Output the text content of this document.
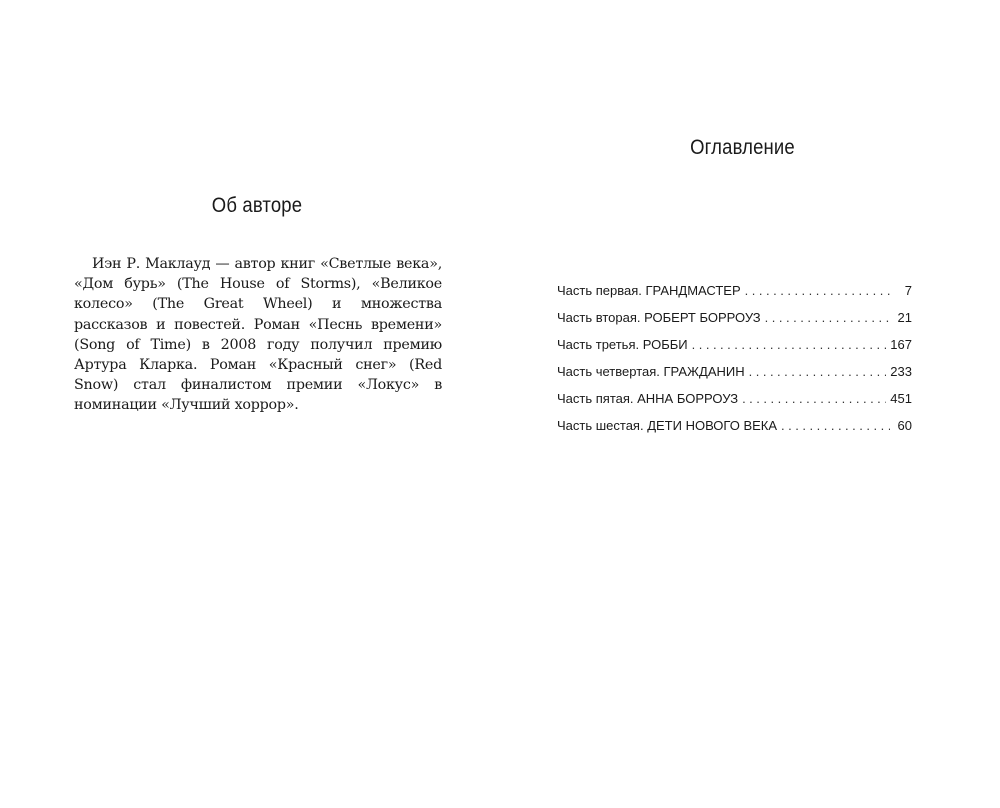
Об авторе

Иэн Р. Маклауд — автор книг «Светлые века», «Дом бурь» (The House of Storms), «Великое колесо» (The Great Wheel) и множества рассказов и повестей. Роман «Песнь времени» (Song of Time) в 2008 году получил премию Артура Кларка. Роман «Красный снег» (Red Snow) стал финалистом премии «Локус» в номинации «Лучший хоррор».

Оглавление
Часть первая. ГРАНДМАСТЕР .....	7
Часть вторая. РОБЕРТ БОРРОУЗ .....	21
Часть третья. РОББИ .....	167
Часть четвертая. ГРАЖДАНИН .....	233
Часть пятая. АННА БОРРОУЗ .....	451
Часть шестая. ДЕТИ НОВОГО ВЕКА .....	60
